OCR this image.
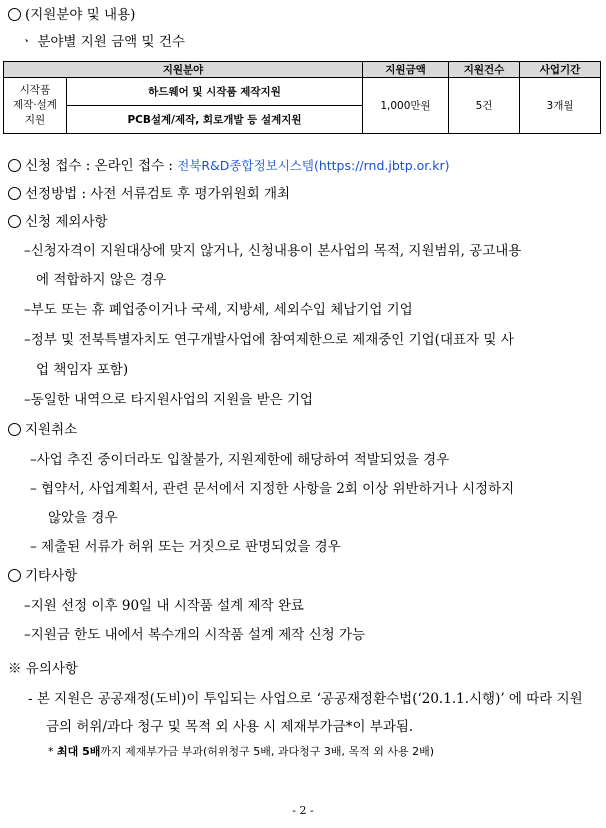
(지원분야 및 내용)
ㆍ 분야별 지원 금액 및 건수
지원분야		지원금액	지원건수	사업기간

시작품
제작·설계
지원	하드웨어 및 시작품 제작지원	1,000만원	5건	3개월
	PCB설계/제작, 회로개발 등 설계지원			
신청 접수 : 온라인 접수 : 전북R&D종합정보시스템(https://rnd.jbtp.or.kr)
선정방법 : 사전 서류검토 후 평가위원회 개최
신청 제외사항
–신청자격이 지원대상에 맞지 않거나, 신청내용이 본사업의 목적, 지원범위, 공고내용
에 적합하지 않은 경우
–부도 또는 휴 폐업중이거나 국세, 지방세, 세외수입 체납기업 기업
–정부 및 전북특별자치도 연구개발사업에 참여제한으로 제재중인 기업(대표자 및 사
업 책임자 포함)
–동일한 내역으로 타지원사업의 지원을 받은 기업
지원취소
–사업 추진 중이더라도 입찰불가, 지원제한에 해당하여 적발되었을 경우
– 협약서, 사업계획서, 관련 문서에서 지정한 사항을 2회 이상 위반하거나 시정하지
않았을 경우
– 제출된 서류가 허위 또는 거짓으로 판명되었을 경우
기타사항
–지원 선정 이후 90일 내 시작품 설계 제작 완료
–지원금 한도 내에서 복수개의 시작품 설계 제작 신청 가능
※ 유의사항
- 본 지원은 공공재정(도비)이 투입되는 사업으로 ‘공공재정환수법(‘20.1.1.시행)’ 에 따라 지원
금의 허위/과다 청구 및 목적 외 사용 시 제재부가금*이 부과됨.
* 최대 5배까지 제재부가금 부과(허위청구 5배, 과다청구 3배, 목적 외 사용 2배)
- 2 -
